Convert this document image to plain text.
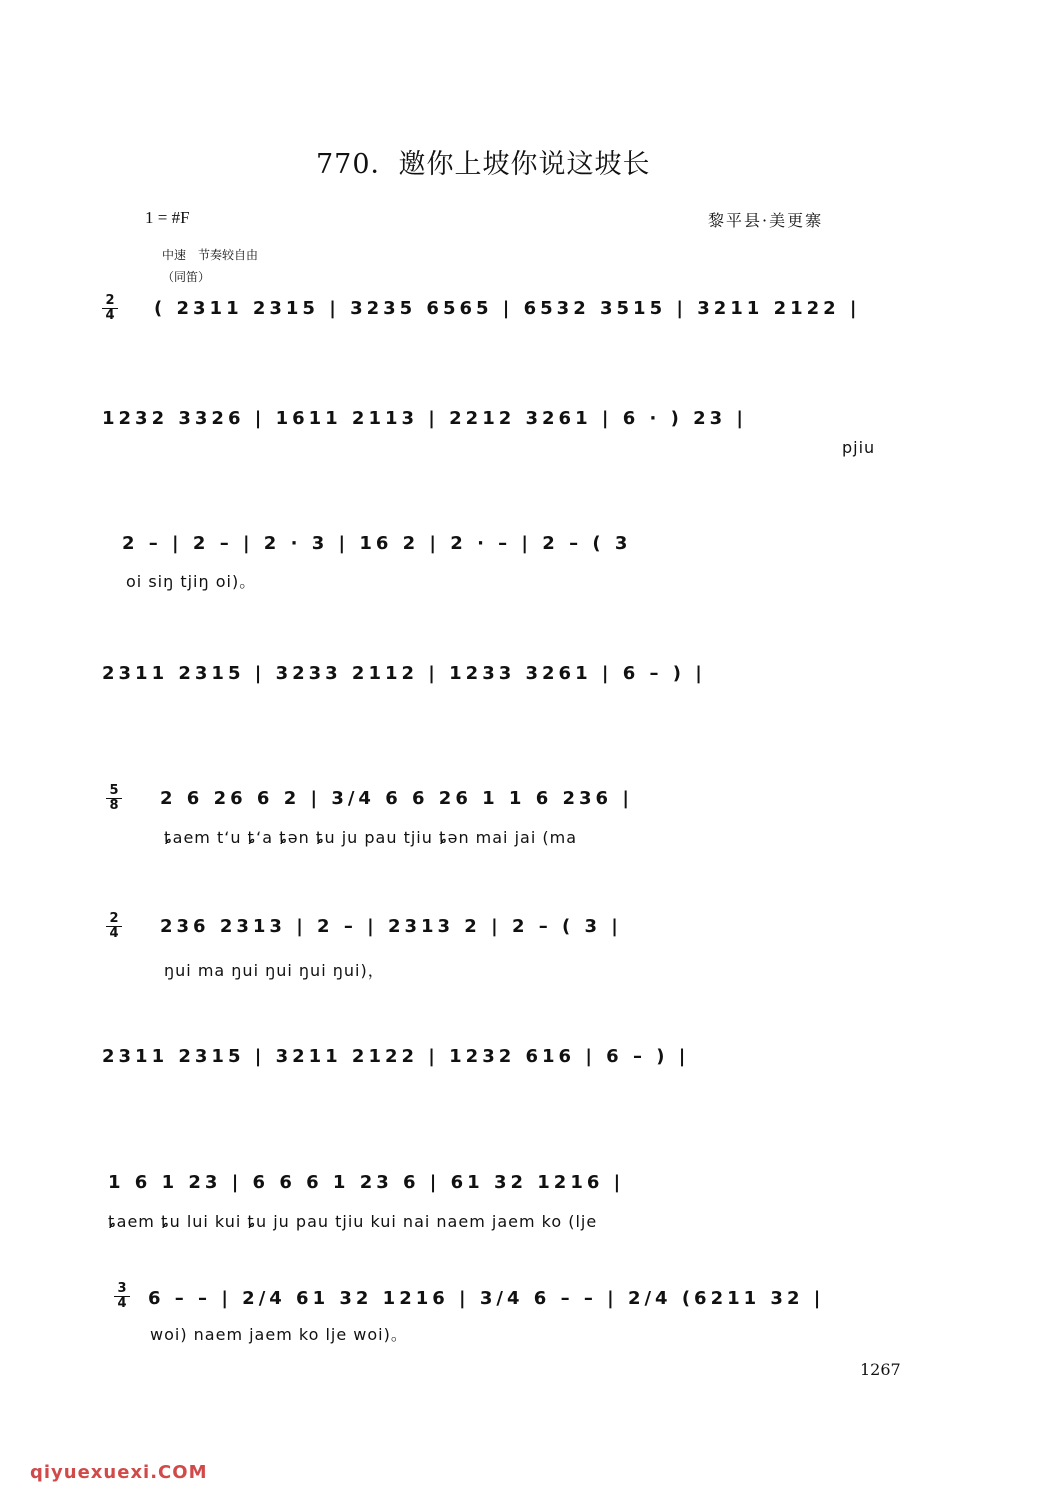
770．邀你上坡你说这坡长
1 = #F	黎平县·美更寨
中速　节奏较自由
（同笛）
2
4 ( 2311 2315 | 3235 6565 | 6532 3515 | 3211 2122 |
1232 3326 | 1611 2113 | 2212 3261 | 6 · ) 23 |
pjiu
2 – | 2 – | 2 · 3 | 16 2 | 2 · – | 2 – ( 3
oi siŋ tjiŋ oi)。
2311 2315 | 3233 2112 | 1233 3261 | 6 – ) |
5
8 2 6 26 6 2 | 3/4 6 6 26 1 1 6 236 |
ȶaem t‘u ȶ‘a ȶən ȶu ju pau tjiu ȶən mai jai (ma
2
4 236 2313 | 2 – | 2313 2 | 2 – ( 3 |
ŋui ma ŋui ŋui ŋui ŋui)，
2311 2315 | 3211 2122 | 1232 616 | 6 – ) |
1 6 1 23 | 6 6 6 1 23 6 | 61 32 1216 |
ȶaem ȶu lui kui ȶu ju pau tjiu kui nai naem jaem ko (lje
3
4 6 – – | 2/4 61 32 1216 | 3/4 6 – – | 2/4 (6211 32 |
woi) naem jaem ko lje woi)。
1267
qiyuexuexi.COM
